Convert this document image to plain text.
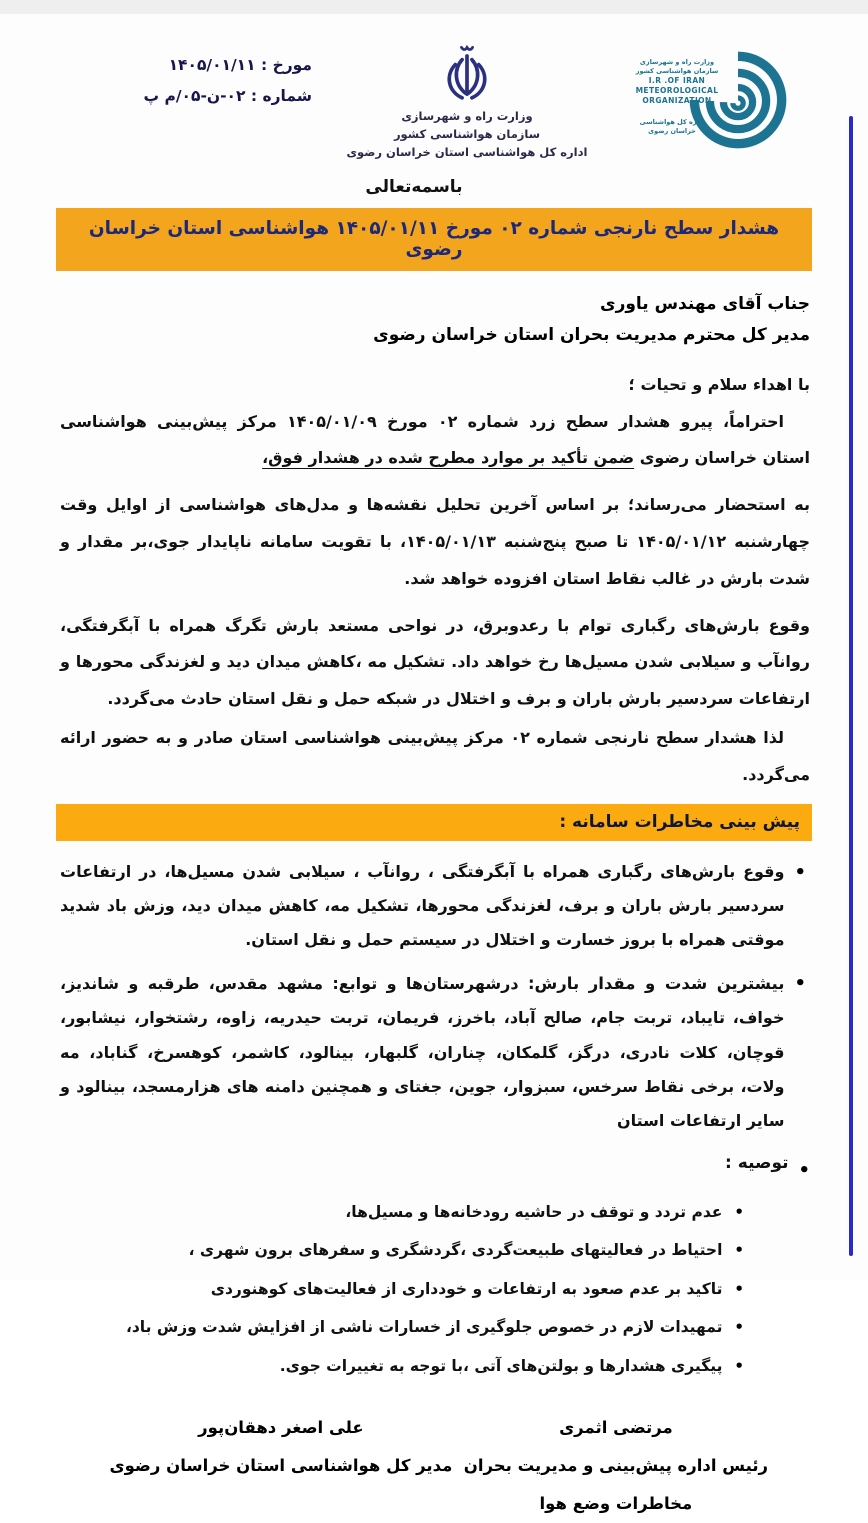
مورخ : ۱۴۰۵/۰۱/۱۱
شماره : ۰۲-ن-۰۵/م پ
وزارت راه و شهرسازی
سازمان هواشناسی کشور
اداره کل هواشناسی استان خراسان رضوی
وزارت راه و شهرسازی
سازمان هواشناسی کشور
I.R .OF IRAN
METEOROLOGICAL
ORGANIZATION
اداره کل هواشناسی
خراسان رضوی
باسمه‌تعالی
هشدار سطح نارنجی شماره ۰۲ مورخ ۱۴۰۵/۰۱/۱۱ هواشناسی استان خراسان رضوی
جناب آقای مهندس یاوری
مدیر کل محترم مدیریت بحران استان خراسان رضوی
با اهداء سلام و تحیات ؛
احتراماً، پیرو هشدار سطح زرد شماره ۰۲ مورخ ۱۴۰۵/۰۱/۰۹ مرکز پیش‌بینی هواشناسی استان خراسان رضوی ضمن تأکید بر موارد مطرح شده در هشدار فوق،
به استحضار می‌رساند؛ بر اساس آخرین تحلیل نقشه‌ها و مدل‌های هواشناسی از اوایل وقت چهارشنبه ۱۴۰۵/۰۱/۱۲ تا صبح پنج‌شنبه ۱۴۰۵/۰۱/۱۳، با تقویت سامانه ناپایدار جوی،بر مقدار و شدت بارش در غالب نقاط استان افزوده خواهد شد.
وقوع بارش‌های رگباری توام با رعدوبرق، در نواحی مستعد بارش تگرگ همراه با آبگرفتگی، روانآب و سیلابی شدن مسیل‌ها رخ خواهد داد. تشکیل مه ،کاهش میدان دید و لغزندگی محورها و ارتفاعات سردسیر بارش باران و برف و اختلال در شبکه حمل و نقل استان حادث می‌گردد.
لذا هشدار سطح نارنجی شماره ۰۲ مرکز پیش‌بینی هواشناسی استان صادر و به حضور ارائه می‌گردد.
پیش بینی مخاطرات سامانه :
•
وقوع بارش‌های رگباری همراه با آبگرفتگی ، روانآب ، سیلابی شدن مسیل‌ها، در ارتفاعات سردسیر بارش باران و برف، لغزندگی محورها، تشکیل مه، کاهش میدان دید، وزش باد شدید موقتی همراه با بروز خسارت و اختلال در سیستم حمل و نقل استان.
•
بیشترین شدت و مقدار بارش: درشهرستان‌ها و توابع: مشهد مقدس، طرقبه و شاندیز، خواف، تایباد، تربت جام، صالح آباد، باخرز، فریمان، تربت حیدریه، زاوه، رشتخوار، نیشابور، قوچان، کلات نادری، درگز، گلمکان، چناران، گلبهار، بینالود، کاشمر، کوهسرخ، گناباد، مه ولات، برخی نقاط سرخس، سبزوار، جوین، جغتای و همچنین دامنه های هزارمسجد، بینالود و سایر ارتفاعات استان
•
توصیه :
•
عدم تردد و توقف در حاشیه رودخانه‌ها و مسیل‌ها،
•
احتیاط در فعالیتهای طبیعت‌گردی ،گردشگری و سفرهای برون شهری ،
•
تاکید بر عدم صعود به ارتفاعات و خودداری از فعالیت‌های کوهنوردی
•
تمهیدات لازم در خصوص جلوگیری از خسارات ناشی از افزایش شدت وزش باد،
•
پیگیری هشدارها و بولتن‌های آتی ،با توجه به تغییرات جوی.
مرتضی اثمری
رئیس اداره پیش‌بینی و مدیریت بحران
مخاطرات وضع هوا
علی اصغر دهقان‌پور
مدیر کل هواشناسی استان خراسان رضوی
